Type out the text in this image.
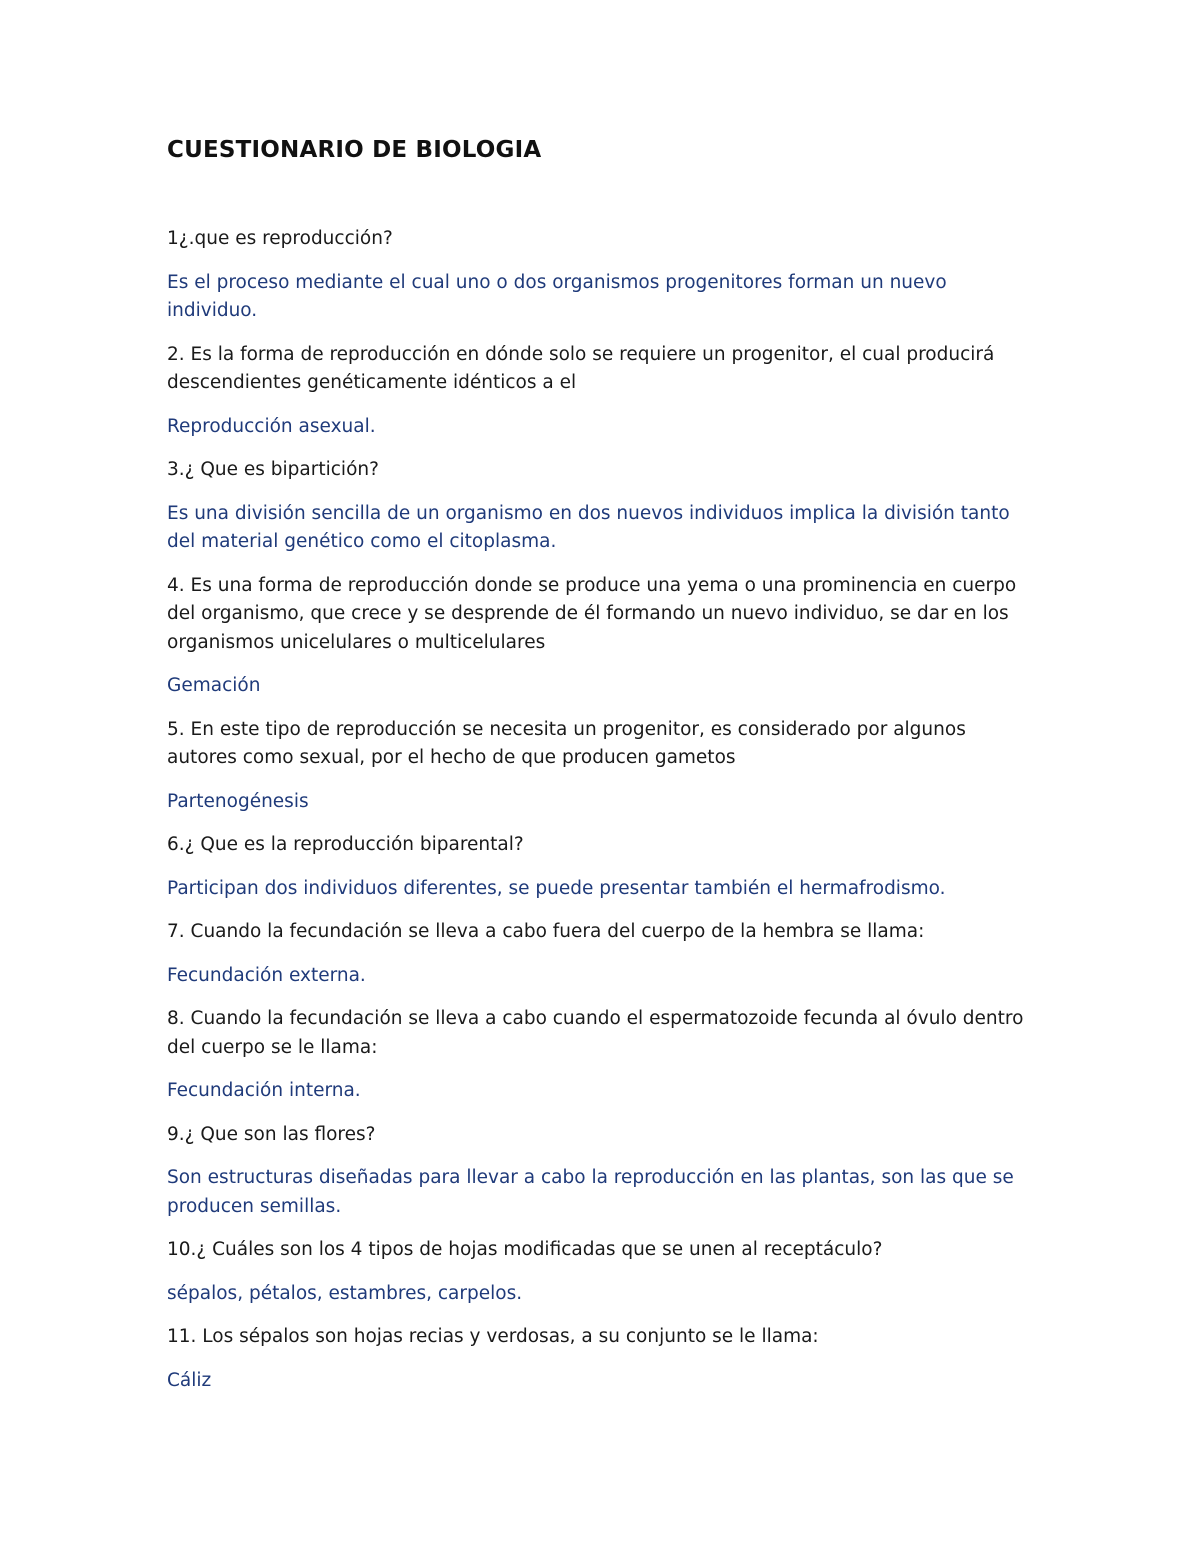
CUESTIONARIO DE BIOLOGIA

1¿.que es reproducción?

Es el proceso mediante el cual uno o dos organismos progenitores forman un nuevo individuo.

2. Es la forma de reproducción en dónde solo se requiere un progenitor, el cual producirá descendientes genéticamente idénticos a el

Reproducción asexual.

3.¿ Que es bipartición?

Es una división sencilla de un organismo en dos nuevos individuos implica la división tanto del material genético como el citoplasma.

4. Es una forma de reproducción donde se produce una yema o una prominencia en cuerpo del organismo, que crece y se desprende de él formando un nuevo individuo, se dar en los organismos unicelulares o multicelulares

Gemación

5. En este tipo de reproducción se necesita un progenitor, es considerado por algunos autores como sexual, por el hecho de que producen gametos

Partenogénesis

6.¿ Que es la reproducción biparental?

Participan dos individuos diferentes, se puede presentar también el hermafrodismo.

7. Cuando la fecundación se lleva a cabo fuera del cuerpo de la hembra se llama:

Fecundación externa.

8. Cuando la fecundación se lleva a cabo cuando el espermatozoide fecunda al óvulo dentro del cuerpo se le llama:

Fecundación interna.

9.¿ Que son las flores?

Son estructuras diseñadas para llevar a cabo la reproducción en las plantas, son las que se producen semillas.

10.¿ Cuáles son los 4 tipos de hojas modificadas que se unen al receptáculo?

sépalos, pétalos, estambres, carpelos.

11. Los sépalos son hojas recias y verdosas, a su conjunto se le llama:

Cáliz
